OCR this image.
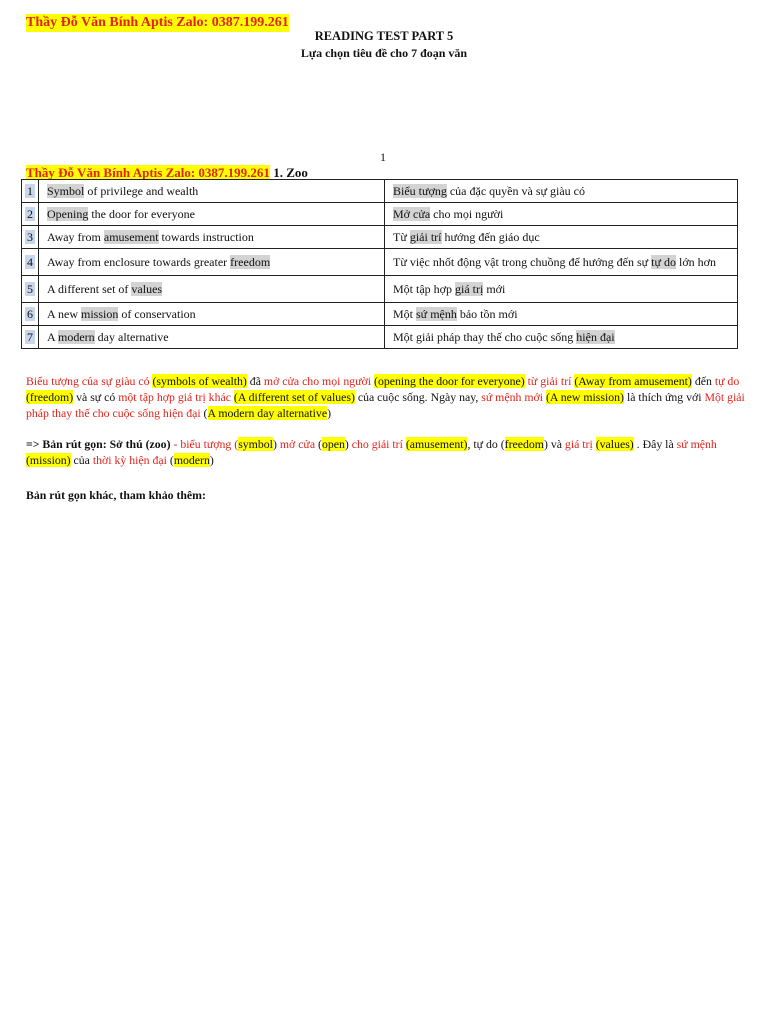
Thầy Đỗ Văn Bính Aptis Zalo: 0387.199.261
READING TEST PART 5
Lựa chọn tiêu đề cho 7 đoạn văn
1
Thầy Đỗ Văn Bính Aptis Zalo: 0387.199.261 1. Zoo
1	Symbol of privilege and wealth	Biểu tượng của đặc quyền và sự giàu có
2	Opening the door for everyone	Mở cửa cho mọi người
3	Away from amusement towards instruction	Từ giải trí hướng đến giáo dục
4	Away from enclosure towards greater freedom	Từ việc nhốt động vật trong chuồng để hướng đến sự tự do lớn hơn
5	A different set of values	Một tập hợp giá trị mới
6	A new mission of conservation	Một sứ mệnh bảo tồn mới
7	A modern day alternative	Một giải pháp thay thế cho cuộc sống hiện đại
Biểu tượng của sự giàu có (symbols of wealth) đã mở cửa cho mọi người (opening the door for everyone) từ giải trí (Away from amusement) đến tự do (freedom) và sự có một tập hợp giá trị khác (A different set of values) của cuộc sống. Ngày nay, sứ mệnh mới (A new mission) là thích ứng với Một giải pháp thay thế cho cuộc sống hiện đại (A modern day alternative)
=> Bản rút gọn: Sở thú (zoo) - biểu tượng (symbol) mở cửa (open) cho giải trí (amusement), tự do (freedom) và giá trị (values) . Đây là sứ mệnh (mission) của thời kỳ hiện đại (modern)
Bản rút gọn khác, tham khảo thêm:
